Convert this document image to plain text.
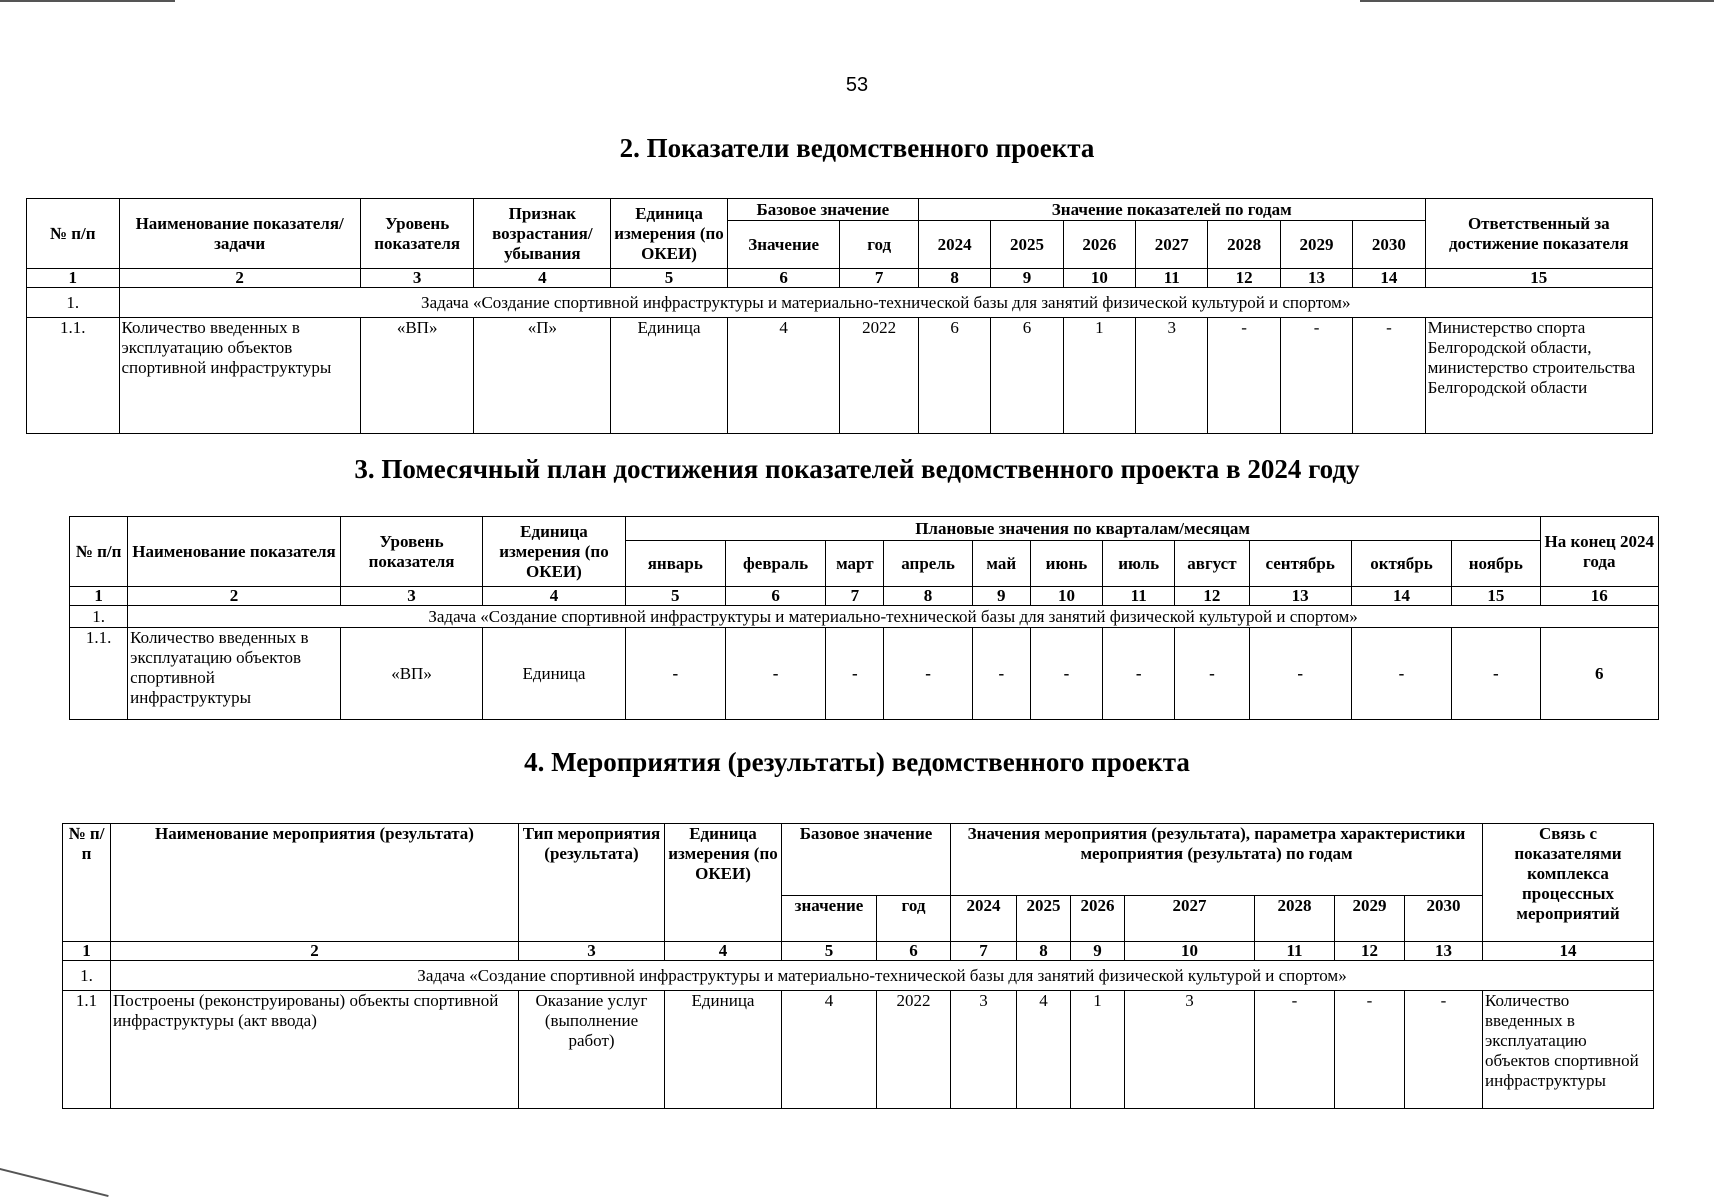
53
2. Показатели ведомственного проекта
№ п/п	Наименование показателя/задачи	Уровень показателя	Признак возрастания/ убывания	Единица измерения (по ОКЕИ)	Базовое значение		Значение показателей по годам							Ответственный за достижение показателя
					Значение	год	2024	2025	2026	2027	2028	2029	2030	
1	2	3	4	5	6	7	8	9	10	11	12	13	14	15
1.	Задача «Создание спортивной инфраструктуры и материально-технической базы для занятий физической культурой и спортом»													
1.1.	Количество введенных в эксплуатацию объектов спортивной инфраструктуры	«ВП»	«П»	Единица	4	2022	6	6	1	3	-	-	-	Министерство спорта Белгородской области, министерство строительства Белгородской области
3. Помесячный план достижения показателей ведомственного проекта в 2024 году
№ п/п	Наименование показателя	Уровень показателя	Единица измерения (по ОКЕИ)	Плановые значения по кварталам/месяцам											На конец 2024 года
				январь	февраль	март	апрель	май	июнь	июль	август	сентябрь	октябрь	ноябрь	
1	2	3	4	5	6	7	8	9	10	11	12	13	14	15	16
1.	Задача «Создание спортивной инфраструктуры и материально-технической базы для занятий физической культурой и спортом»														
1.1.	Количество введенных в эксплуатацию объектов спортивной инфраструктуры	«ВП»	Единица	-	-	-	-	-	-	-	-	-	-	-	6
4. Мероприятия (результаты) ведомственного проекта
№ п/п	Наименование мероприятия (результата)	Тип мероприятия (результата)	Единица измерения (по ОКЕИ)	Базовое значение		Значения мероприятия (результата), параметра характеристики мероприятия (результата) по годам							Связь с показателями комплекса процессных мероприятий
				значение	год	2024	2025	2026	2027	2028	2029	2030	
1	2	3	4	5	6	7	8	9	10	11	12	13	14
1.	Задача «Создание спортивной инфраструктуры и материально-технической базы для занятий физической культурой и спортом»												
1.1	Построены (реконструированы) объекты спортивной инфраструктуры (акт ввода)	Оказание услуг (выполнение работ)	Единица	4	2022	3	4	1	3	-	-	-	Количество введенных в эксплуатацию объектов спортивной инфраструктуры
